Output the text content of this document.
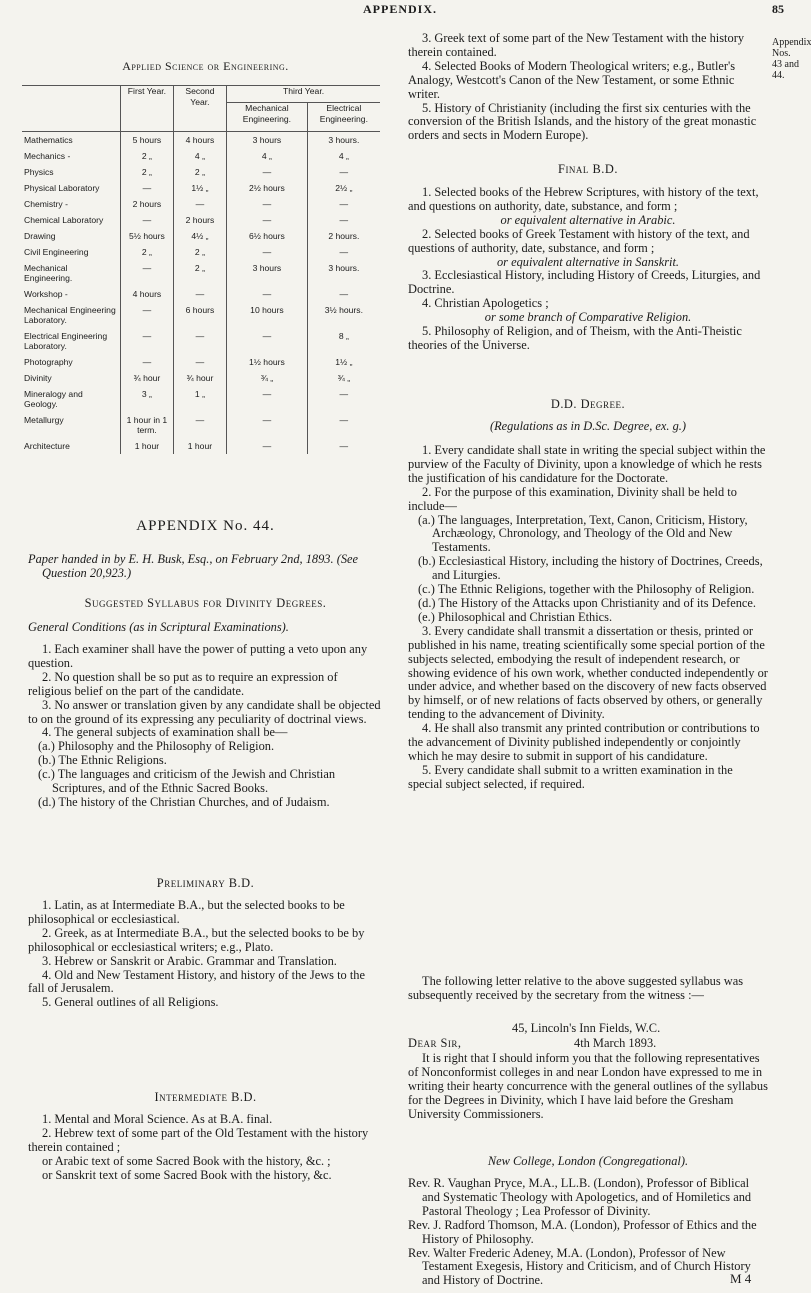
APPENDIX.	85
Applied Science or Engineering.
	First Year.	Second Year.	Third Year.	
			Mechanical Engineering.	Electrical Engineering.
Mathematics	5 hours	4 hours	3 hours	3 hours.
Mechanics -	2 „	4 „	4 „	4 „
Physics	2 „	2 „	—	—
Physical Laboratory	—	1½ „	2½ hours	2½ „
Chemistry -	2 hours	—	—	—
Chemical Laboratory	—	2 hours	—	—
Drawing	5½ hours	4½ „	6½ hours	2 hours.
Civil Engineering	2 „	2 „	—	—
Mechanical Engineering.	—	2 „	3 hours	3 hours.
Workshop -	4 hours	—	—	—
Mechanical Engineering Laboratory.	—	6 hours	10 hours	3½ hours.
Electrical Engineering Laboratory.	—	—	—	8 „
Photography	—	—	1½ hours	1½ „
Divinity	¾ hour	¾ hour	¾ „	¾ „
Mineralogy and Geology.	3 „	1 „	—	—
Metallurgy	1 hour in 1 term.	—	—	—
Architecture	1 hour	1 hour	—	—
APPENDIX No. 44.
Paper handed in by E. H. Busk, Esq., on February 2nd, 1893. (See Question 20,923.)
Suggested Syllabus for Divinity Degrees.
General Conditions (as in Scriptural Examinations).

1. Each examiner shall have the power of putting a veto upon any question.

2. No question shall be so put as to require an expression of religious belief on the part of the candidate.

3. No answer or translation given by any candidate shall be objected to on the ground of its expressing any peculiarity of doctrinal views.

4. The general subjects of examination shall be—

(a.) Philosophy and the Philosophy of Religion.

(b.) The Ethnic Religions.

(c.) The languages and criticism of the Jewish and Christian Scriptures, and of the Ethnic Sacred Books.

(d.) The history of the Christian Churches, and of Judaism.

Preliminary B.D.

1. Latin, as at Intermediate B.A., but the selected books to be philosophical or ecclesiastical.

2. Greek, as at Intermediate B.A., but the selected books to be by philosophical or ecclesiastical writers; e.g., Plato.

3. Hebrew or Sanskrit or Arabic. Grammar and Translation.

4. Old and New Testament History, and history of the Jews to the fall of Jerusalem.

5. General outlines of all Religions.

Intermediate B.D.

1. Mental and Moral Science. As at B.A. final.

2. Hebrew text of some part of the Old Testament with the history therein contained ;

or Arabic text of some Sacred Book with the history, &c. ;

or Sanskrit text of some Sacred Book with the history, &c.

Appendix Nos. 43 and 44.

3. Greek text of some part of the New Testament with the history therein contained.

4. Selected Books of Modern Theological writers; e.g., Butler's Analogy, Westcott's Canon of the New Testament, or some Ethnic writer.

5. History of Christianity (including the first six centuries with the conversion of the British Islands, and the history of the great monastic orders and sects in Modern Europe).

Final B.D.

1. Selected books of the Hebrew Scriptures, with history of the text, and questions on authority, date, substance, and form ;

or equivalent alternative in Arabic.

2. Selected books of Greek Testament with history of the text, and questions of authority, date, substance, and form ;

or equivalent alternative in Sanskrit.

3. Ecclesiastical History, including History of Creeds, Liturgies, and Doctrine.

4. Christian Apologetics ;

or some branch of Comparative Religion.

5. Philosophy of Religion, and of Theism, with the Anti-Theistic theories of the Universe.

D.D. Degree.
(Regulations as in D.Sc. Degree, ex. g.)

1. Every candidate shall state in writing the special subject within the purview of the Faculty of Divinity, upon a knowledge of which he rests the justification of his candidature for the Doctorate.

2. For the purpose of this examination, Divinity shall be held to include—

(a.) The languages, Interpretation, Text, Canon, Criticism, History, Archæology, Chronology, and Theology of the Old and New Testaments.

(b.) Ecclesiastical History, including the history of Doctrines, Creeds, and Liturgies.

(c.) The Ethnic Religions, together with the Philosophy of Religion.

(d.) The History of the Attacks upon Christianity and of its Defence.

(e.) Philosophical and Christian Ethics.

3. Every candidate shall transmit a dissertation or thesis, printed or published in his name, treating scientifically some special portion of the subjects selected, embodying the result of independent research, or showing evidence of his own work, whether conducted independently or under advice, and whether based on the discovery of new facts observed by himself, or of new relations of facts observed by others, or generally tending to the advancement of Divinity.

4. He shall also transmit any printed contribution or contributions to the advancement of Divinity published independently or conjointly which he may desire to submit in support of his candidature.

5. Every candidate shall submit to a written examination in the special subject selected, if required.

The following letter relative to the above suggested syllabus was subsequently received by the secretary from the witness :—
45, Lincoln's Inn Fields, W.C.
Dear Sir,	4th March 1893.
It is right that I should inform you that the following representatives of Nonconformist colleges in and near London have expressed to me in writing their hearty concurrence with the general outlines of the syllabus for the Degrees in Divinity, which I have laid before the Gresham University Commissioners.
New College, London (Congregational).

Rev. R. Vaughan Pryce, M.A., LL.B. (London), Professor of Biblical and Systematic Theology with Apologetics, and of Homiletics and Pastoral Theology ; Lea Professor of Divinity.

Rev. J. Radford Thomson, M.A. (London), Professor of Ethics and the History of Philosophy.

Rev. Walter Frederic Adeney, M.A. (London), Professor of New Testament Exegesis, History and Criticism, and of Church History and History of Doctrine.	M 4
